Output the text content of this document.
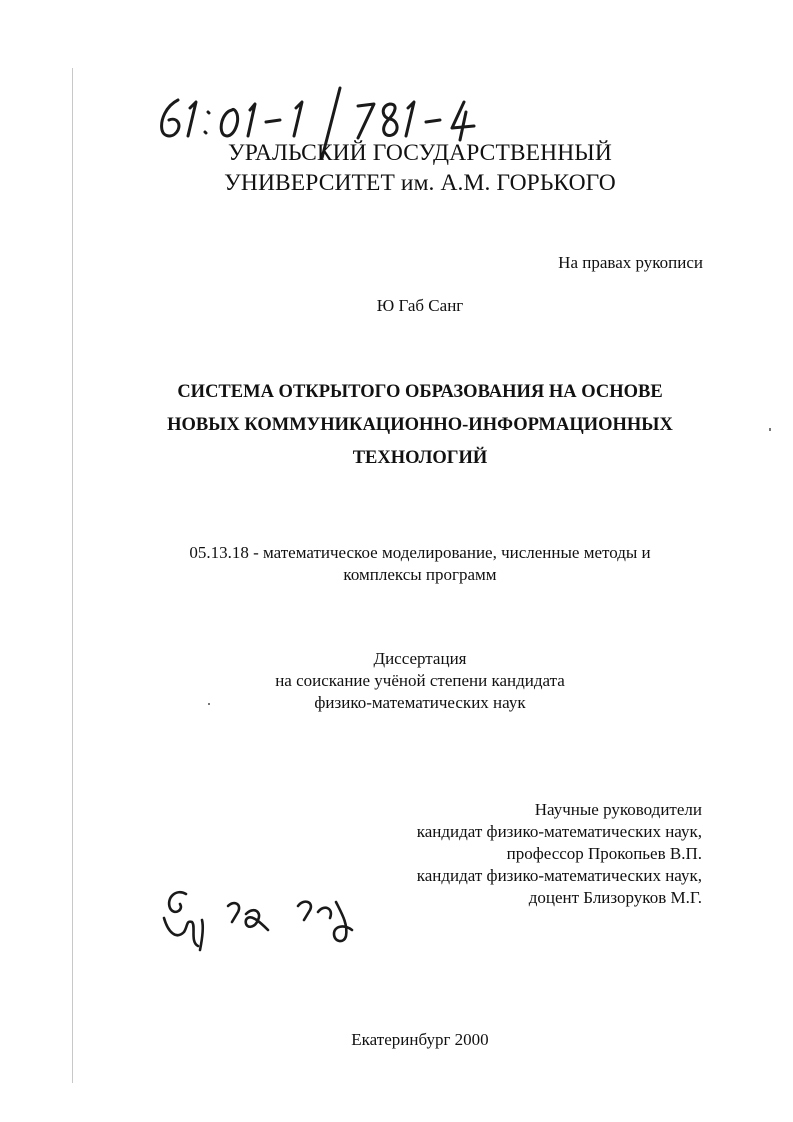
УРАЛЬСКИЙ ГОСУДАРСТВЕННЫЙ
УНИВЕРСИТЕТ им. А.М. ГОРЬКОГО
На правах рукописи
Ю Габ Санг
СИСТЕМА ОТКРЫТОГО ОБРАЗОВАНИЯ НА ОСНОВЕ
НОВЫХ КОММУНИКАЦИОННО-ИНФОРМАЦИОННЫХ
ТЕХНОЛОГИЙ
05.13.18 - математическое моделирование, численные методы и
комплексы программ
Диссертация
на соискание учёной степени кандидата
физико-математических наук
Научные руководители
кандидат физико-математических наук,
профессор Прокопьев В.П.
кандидат физико-математических наук,
доцент Близоруков М.Г.
Екатеринбург 2000
